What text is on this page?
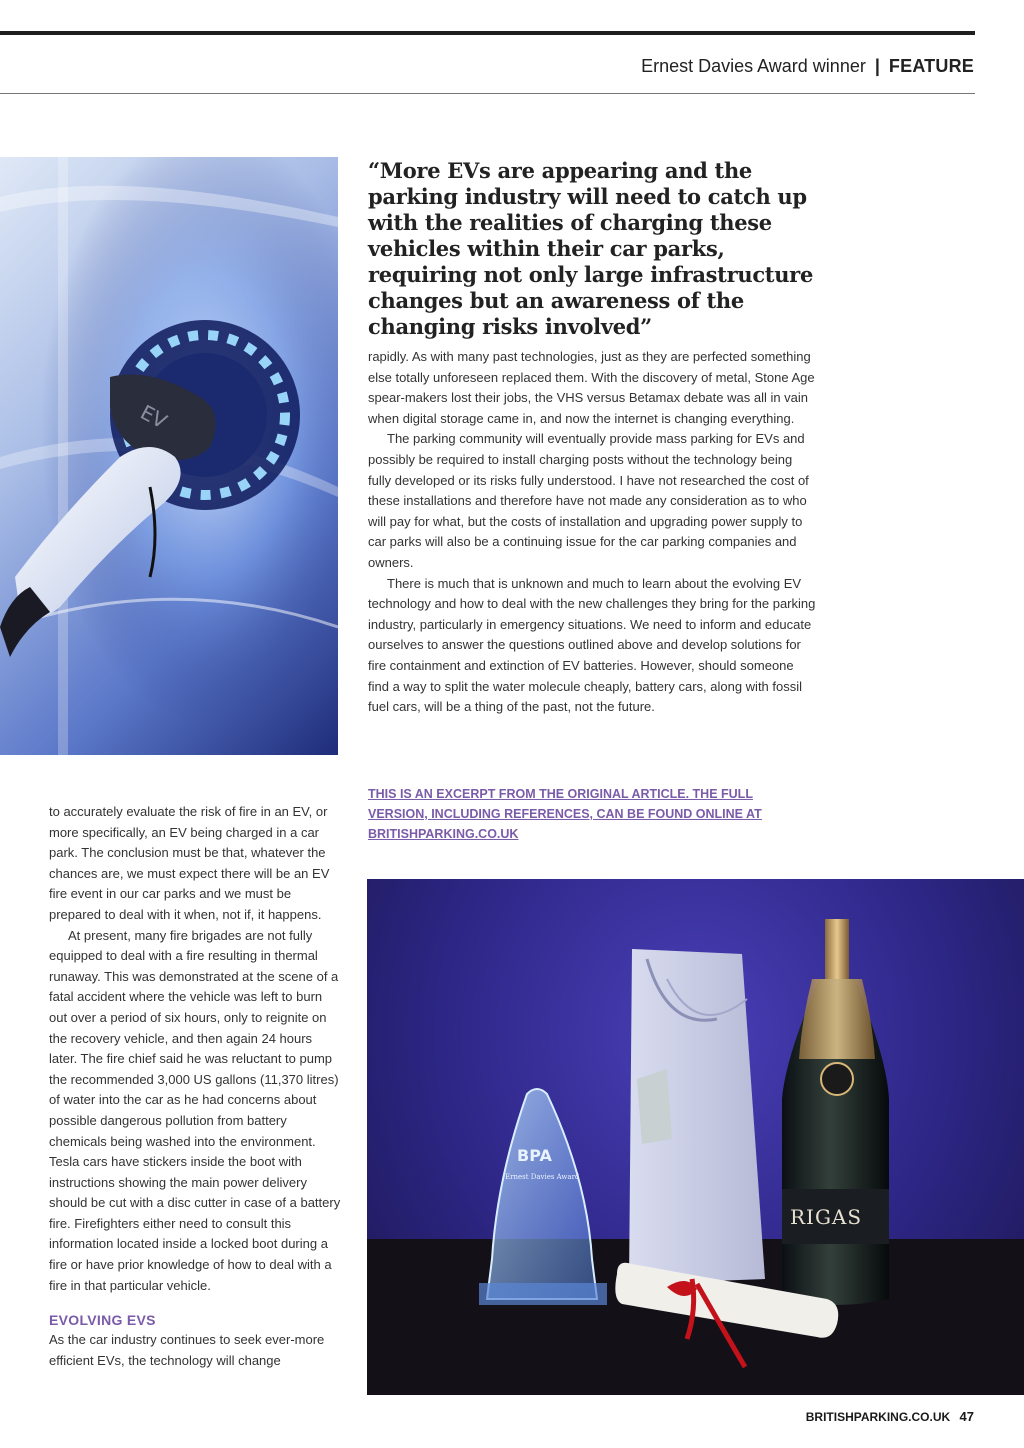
Ernest Davies Award winner | FEATURE
EV
“More EVs are appearing and the parking industry will need to catch up with the realities of charging these vehicles within their car parks, requiring not only large infrastructure changes but an awareness of the changing risks involved”

rapidly. As with many past technologies, just as they are perfected something else totally unforeseen replaced them. With the discovery of metal, Stone Age spear-makers lost their jobs, the VHS versus Betamax debate was all in vain when digital storage came in, and now the internet is changing everything.

The parking community will eventually provide mass parking for EVs and possibly be required to install charging posts without the technology being fully developed or its risks fully understood. I have not researched the cost of these installations and therefore have not made any consideration as to who will pay for what, but the costs of installation and upgrading power supply to car parks will also be a continuing issue for the car parking companies and owners.

There is much that is unknown and much to learn about the evolving EV technology and how to deal with the new challenges they bring for the parking industry, particularly in emergency situations. We need to inform and educate ourselves to answer the questions outlined above and develop solutions for fire containment and extinction of EV batteries. However, should someone find a way to split the water molecule cheaply, battery cars, along with fossil fuel cars, will be a thing of the past, not the future.

THIS IS AN EXCERPT FROM THE ORIGINAL ARTICLE. THE FULL VERSION, INCLUDING REFERENCES, CAN BE FOUND ONLINE AT BRITISHPARKING.CO.UK

to accurately evaluate the risk of fire in an EV, or more specifically, an EV being charged in a car park. The conclusion must be that, whatever the chances are, we must expect there will be an EV fire event in our car parks and we must be prepared to deal with it when, not if, it happens.

At present, many fire brigades are not fully equipped to deal with a fire resulting in thermal runaway. This was demonstrated at the scene of a fatal accident where the vehicle was left to burn out over a period of six hours, only to reignite on the recovery vehicle, and then again 24 hours later. The fire chief said he was reluctant to pump the recommended 3,000 US gallons (11,370 litres) of water into the car as he had concerns about possible dangerous pollution from battery chemicals being washed into the environment. Tesla cars have stickers inside the boot with instructions showing the main power delivery should be cut with a disc cutter in case of a battery fire. Firefighters either need to consult this information located inside a locked boot during a fire or have prior knowledge of how to deal with a fire in that particular vehicle.

EVOLVING EVS

As the car industry continues to seek ever-more efficient EVs, the technology will change

BPA
Ernest Davies Award
RIGAS
BRITISHPARKING.CO.UK 47
